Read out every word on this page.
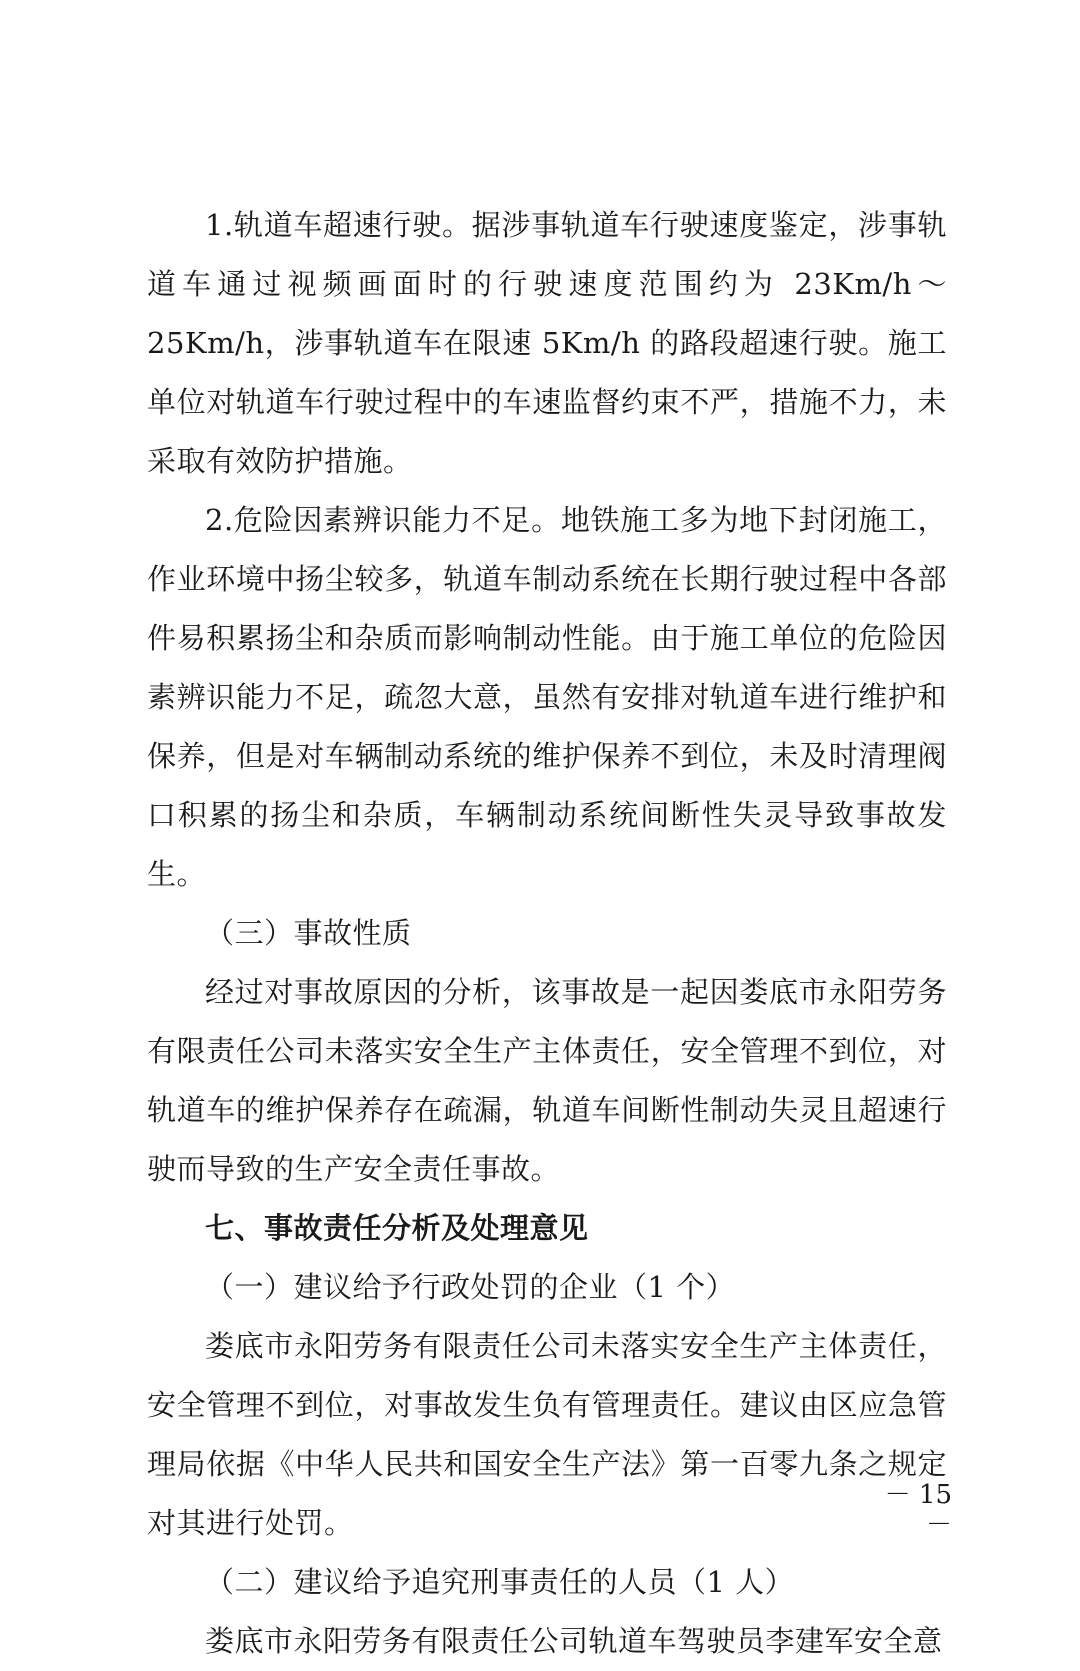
1.轨道车超速行驶。据涉事轨道车行驶速度鉴定，涉事轨道车通过视频画面时的行驶速度范围约为 23Km/h～25Km/h，涉事轨道车在限速 5Km/h 的路段超速行驶。施工单位对轨道车行驶过程中的车速监督约束不严，措施不力，未采取有效防护措施。

2.危险因素辨识能力不足。地铁施工多为地下封闭施工，作业环境中扬尘较多，轨道车制动系统在长期行驶过程中各部件易积累扬尘和杂质而影响制动性能。由于施工单位的危险因素辨识能力不足，疏忽大意，虽然有安排对轨道车进行维护和保养，但是对车辆制动系统的维护保养不到位，未及时清理阀口积累的扬尘和杂质，车辆制动系统间断性失灵导致事故发生。

（三）事故性质

经过对事故原因的分析，该事故是一起因娄底市永阳劳务有限责任公司未落实安全生产主体责任，安全管理不到位，对轨道车的维护保养存在疏漏，轨道车间断性制动失灵且超速行驶而导致的生产安全责任事故。

七、事故责任分析及处理意见

（一）建议给予行政处罚的企业（1 个）

娄底市永阳劳务有限责任公司未落实安全生产主体责任，安全管理不到位，对事故发生负有管理责任。建议由区应急管理局依据《中华人民共和国安全生产法》第一百零九条之规定对其进行处罚。

（二）建议给予追究刑事责任的人员（1 人）

娄底市永阳劳务有限责任公司轨道车驾驶员李建军安全意

－ 15 －
